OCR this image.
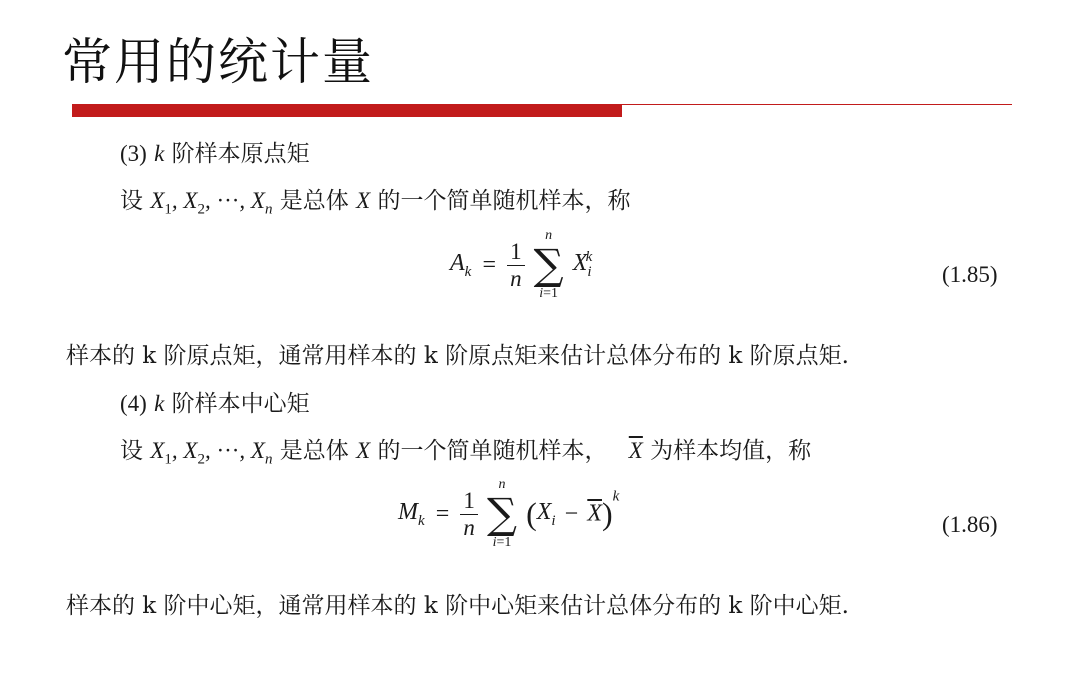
常用的统计量
(3) k 阶样本原点矩
设 $X_1$, $X_2$, ···, $X_n$ 是总体 X 的一个简单随机样本，称
$A_k = \frac{1}{n}$

n
∑
i=1
$X_i^k$
(1.85)
样本的 k 阶原点矩，通常用样本的 k 阶原点矩来估计总体分布的 k 阶原点矩.
(4) k 阶样本中心矩
设 $X_1$, $X_2$, ···, $X_n$ 是总体 X 的一个简单随机样本， $\overline{X}$ 为样本均值，称
$M_k = \frac{1}{n}$

n
∑
i=1
$(X_i - \overline{X})^k$
(1.86)
样本的 k 阶中心矩，通常用样本的 k 阶中心矩来估计总体分布的 k 阶中心矩.
